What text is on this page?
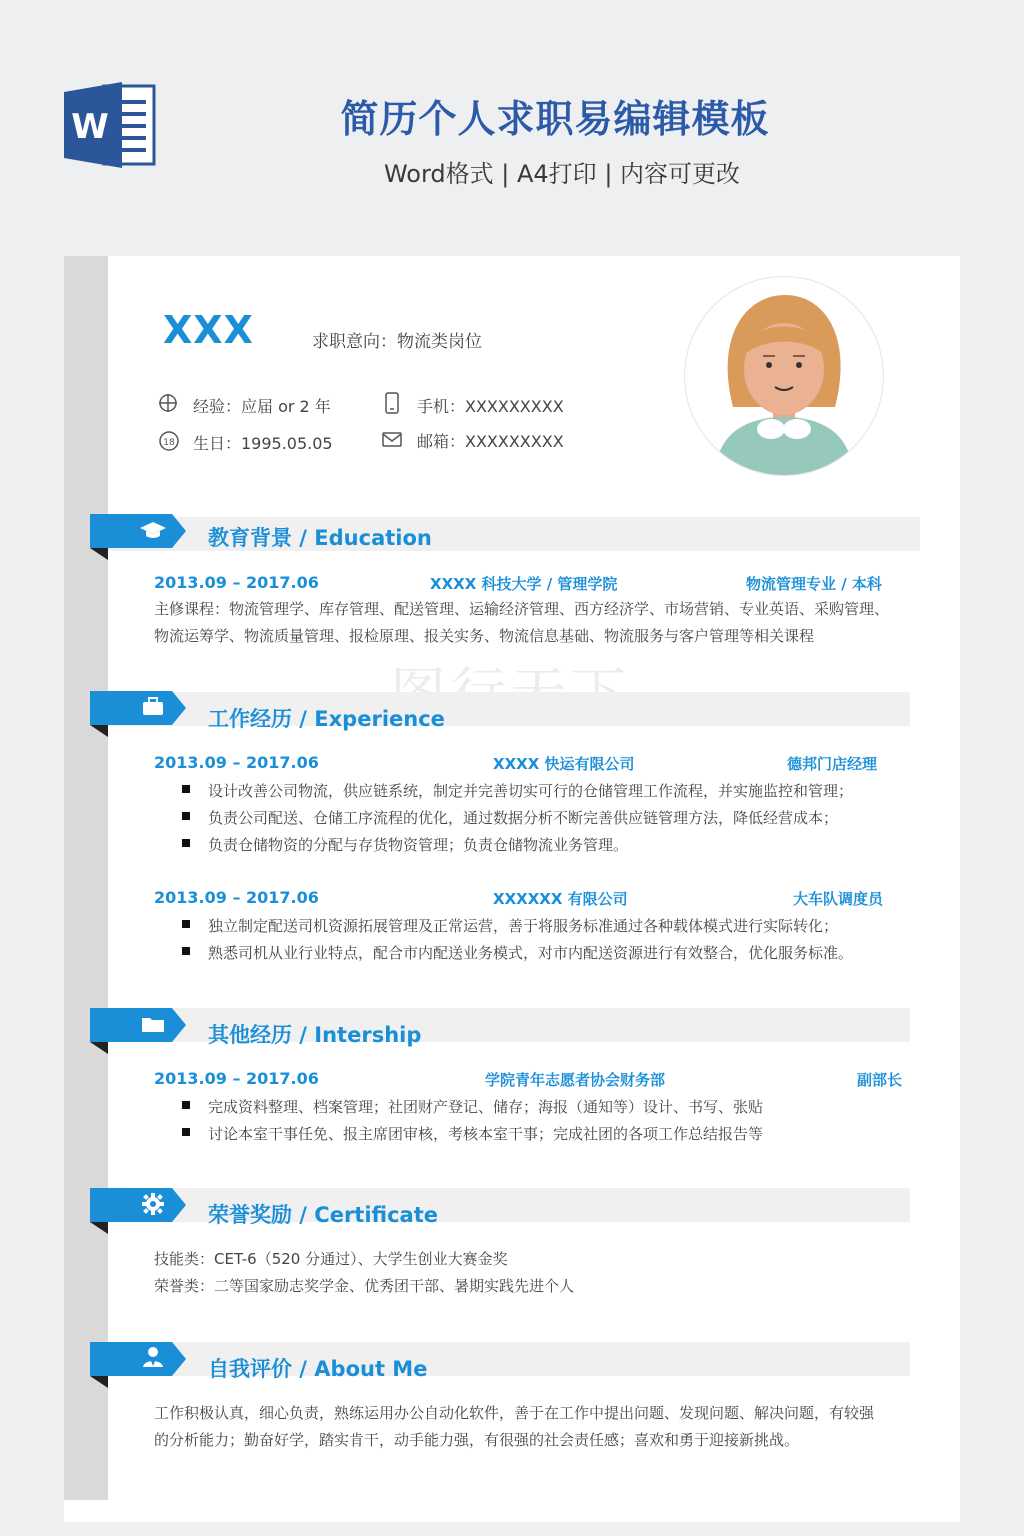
W	简历个人求职易编辑模板
Word格式 | A4打印 | 内容可更改
XXX	求职意向：物流类岗位
经验：应届 or 2 年
18 生日：1995.05.05
手机：XXXXXXXXX
邮箱：XXXXXXXXX
教育背景 / Education
2013.09 – 2017.06	XXXX 科技大学 / 管理学院	物流管理专业 / 本科
主修课程：物流管理学、库存管理、配送管理、运输经济管理、西方经济学、市场营销、专业英语、采购管理、
物流运筹学、物流质量管理、报检原理、报关实务、物流信息基础、物流服务与客户管理等相关课程
工作经历 / Experience
2013.09 – 2017.06	XXXX 快运有限公司	德邦门店经理
设计改善公司物流，供应链系统，制定并完善切实可行的仓储管理工作流程，并实施监控和管理；
负责公司配送、仓储工序流程的优化，通过数据分析不断完善供应链管理方法，降低经营成本；
负责仓储物资的分配与存货物资管理；负责仓储物流业务管理。
2013.09 – 2017.06	XXXXXX 有限公司	大车队调度员
独立制定配送司机资源拓展管理及正常运营，善于将服务标准通过各种载体模式进行实际转化；
熟悉司机从业行业特点，配合市内配送业务模式，对市内配送资源进行有效整合，优化服务标准。
其他经历 / Intership
2013.09 – 2017.06	学院青年志愿者协会财务部	副部长
完成资料整理、档案管理；社团财产登记、储存；海报（通知等）设计、书写、张贴
讨论本室干事任免、报主席团审核，考核本室干事；完成社团的各项工作总结报告等
荣誉奖励 / Certificate
技能类：CET-6（520 分通过）、大学生创业大赛金奖
荣誉类：二等国家励志奖学金、优秀团干部、暑期实践先进个人
自我评价 / About Me
工作积极认真，细心负责，熟练运用办公自动化软件，善于在工作中提出问题、发现问题、解决问题，有较强
的分析能力；勤奋好学，踏实肯干，动手能力强，有很强的社会责任感；喜欢和勇于迎接新挑战。
